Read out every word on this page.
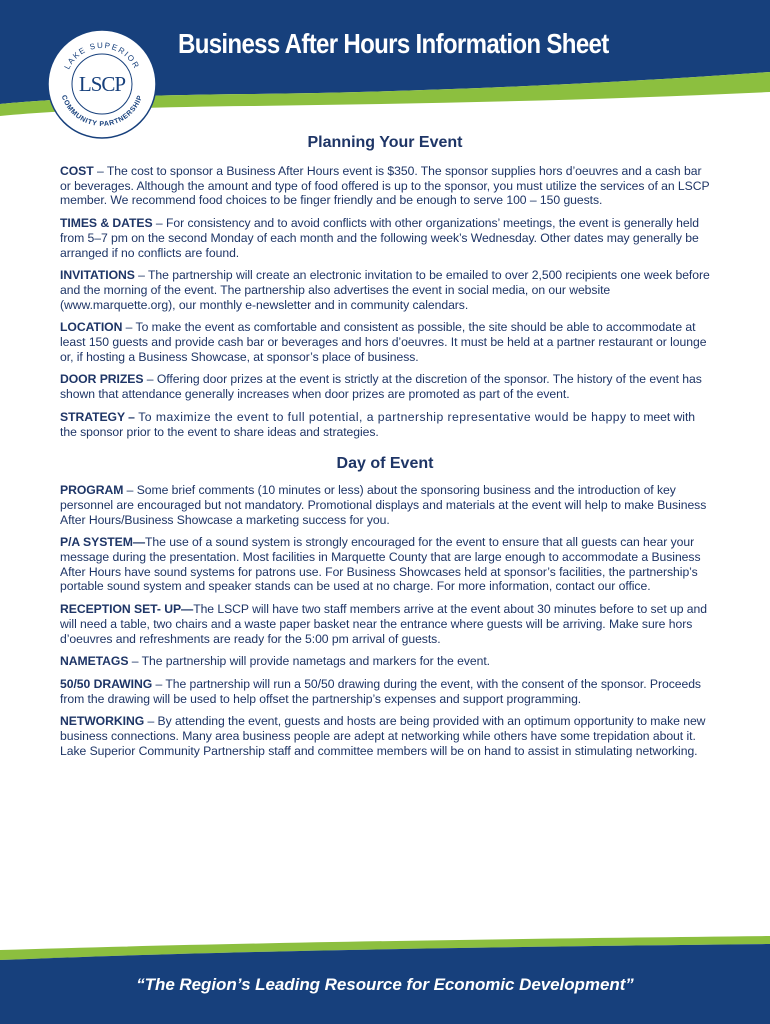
Business After Hours Information Sheet
LAKE SUPERIOR
COMMUNITY PARTNERSHIP
LSCP
Planning Your Event

COST – The cost to sponsor a Business After Hours event is $350. The sponsor supplies hors d’oeuvres and a cash bar or beverages. Although the amount and type of food offered is up to the sponsor, you must utilize the services of an LSCP member. We recommend food choices to be finger friendly and be enough to serve 100 – 150 guests.

TIMES & DATES – For consistency and to avoid conflicts with other organizations’ meetings, the event is generally held from 5–7 pm on the second Monday of each month and the following week’s Wednesday. Other dates may generally be arranged if no conflicts are found.

INVITATIONS – The partnership will create an electronic invitation to be emailed to over 2,500 recipients one week before and the morning of the event. The partnership also advertises the event in social media, on our website (www.marquette.org), our monthly e-newsletter and in community calendars.

LOCATION – To make the event as comfortable and consistent as possible, the site should be able to accommodate at least 150 guests and provide cash bar or beverages and hors d’oeuvres. It must be held at a partner restaurant or lounge or, if hosting a Business Showcase, at sponsor’s place of business.

DOOR PRIZES – Offering door prizes at the event is strictly at the discretion of the sponsor. The history of the event has shown that attendance generally increases when door prizes are promoted as part of the event.

STRATEGY – To maximize the event to full potential, a partnership representative would be happy to meet with the sponsor prior to the event to share ideas and strategies.

Day of Event

PROGRAM – Some brief comments (10 minutes or less) about the sponsoring business and the introduction of key personnel are encouraged but not mandatory. Promotional displays and materials at the event will help to make Business After Hours/Business Showcase a marketing success for you.

P/A SYSTEM—The use of a sound system is strongly encouraged for the event to ensure that all guests can hear your message during the presentation. Most facilities in Marquette County that are large enough to accommodate a Business After Hours have sound systems for patrons use. For Business Showcases held at sponsor’s facilities, the partnership’s portable sound system and speaker stands can be used at no charge. For more information, contact our office.

RECEPTION SET- UP—The LSCP will have two staff members arrive at the event about 30 minutes before to set up and will need a table, two chairs and a waste paper basket near the entrance where guests will be arriving. Make sure hors d’oeuvres and refreshments are ready for the 5:00 pm arrival of guests.

NAMETAGS – The partnership will provide nametags and markers for the event.

50/50 DRAWING – The partnership will run a 50/50 drawing during the event, with the consent of the sponsor. Proceeds from the drawing will be used to help offset the partnership’s expenses and support programming.

NETWORKING – By attending the event, guests and hosts are being provided with an optimum opportunity to make new business connections. Many area business people are adept at networking while others have some trepidation about it. Lake Superior Community Partnership staff and committee members will be on hand to assist in stimulating networking.

“The Region’s Leading Resource for Economic Development”
